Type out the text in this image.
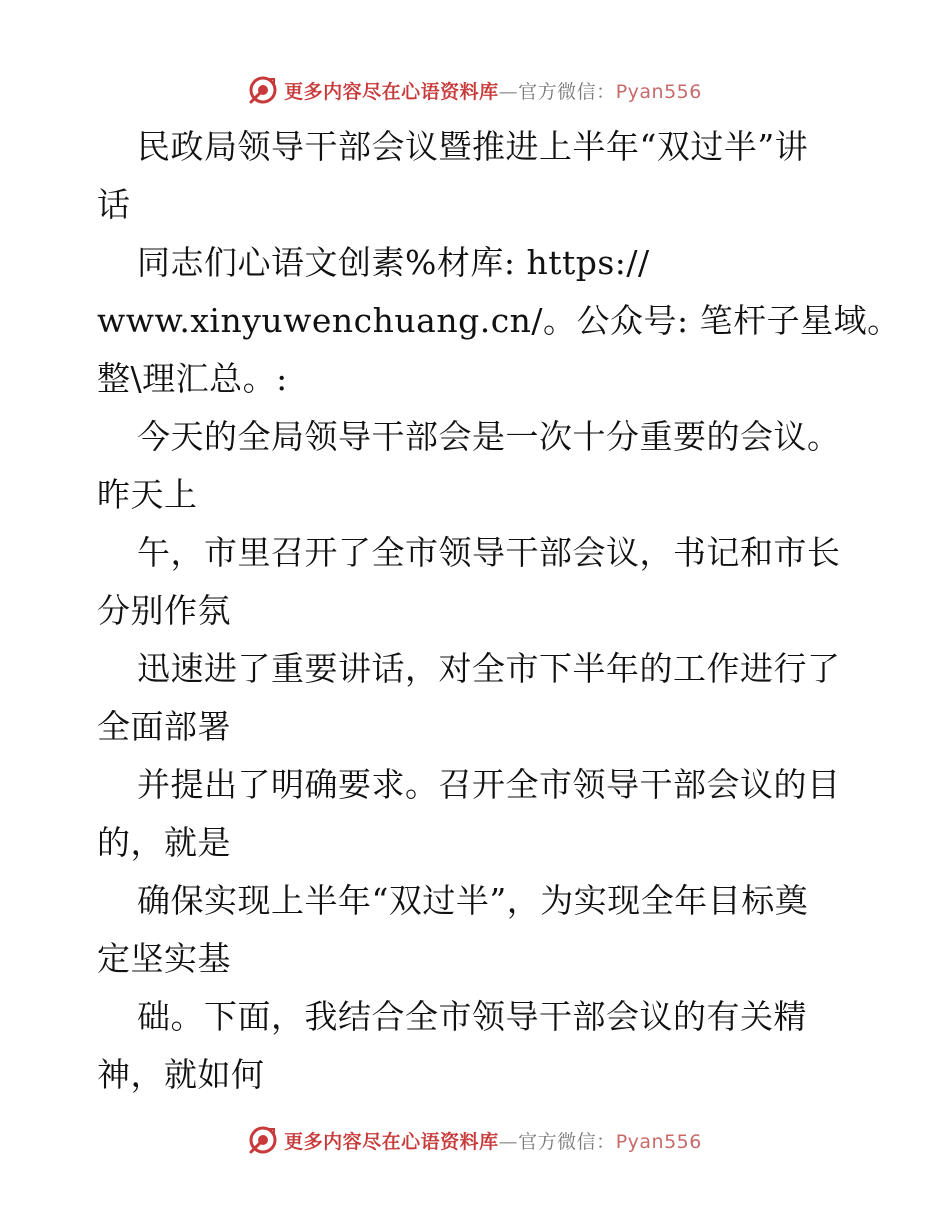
更多内容尽在心语资料库—官方微信：Pyan556
民政局领导干部会议暨推进上半年“双过半”讲
话
同志们心语文创素%材库: https://
www.xinyuwenchuang.cn/。公众号: 笔杆子星域。
整\理汇总。:
今天的全局领导干部会是一次十分重要的会议。
昨天上
午，市里召开了全市领导干部会议，书记和市长
分别作氛
迅速进了重要讲话，对全市下半年的工作进行了
全面部署
并提出了明确要求。召开全市领导干部会议的目
的，就是
确保实现上半年“双过半”，为实现全年目标奠
定坚实基
础。下面，我结合全市领导干部会议的有关精
神，就如何
更多内容尽在心语资料库—官方微信：Pyan556
